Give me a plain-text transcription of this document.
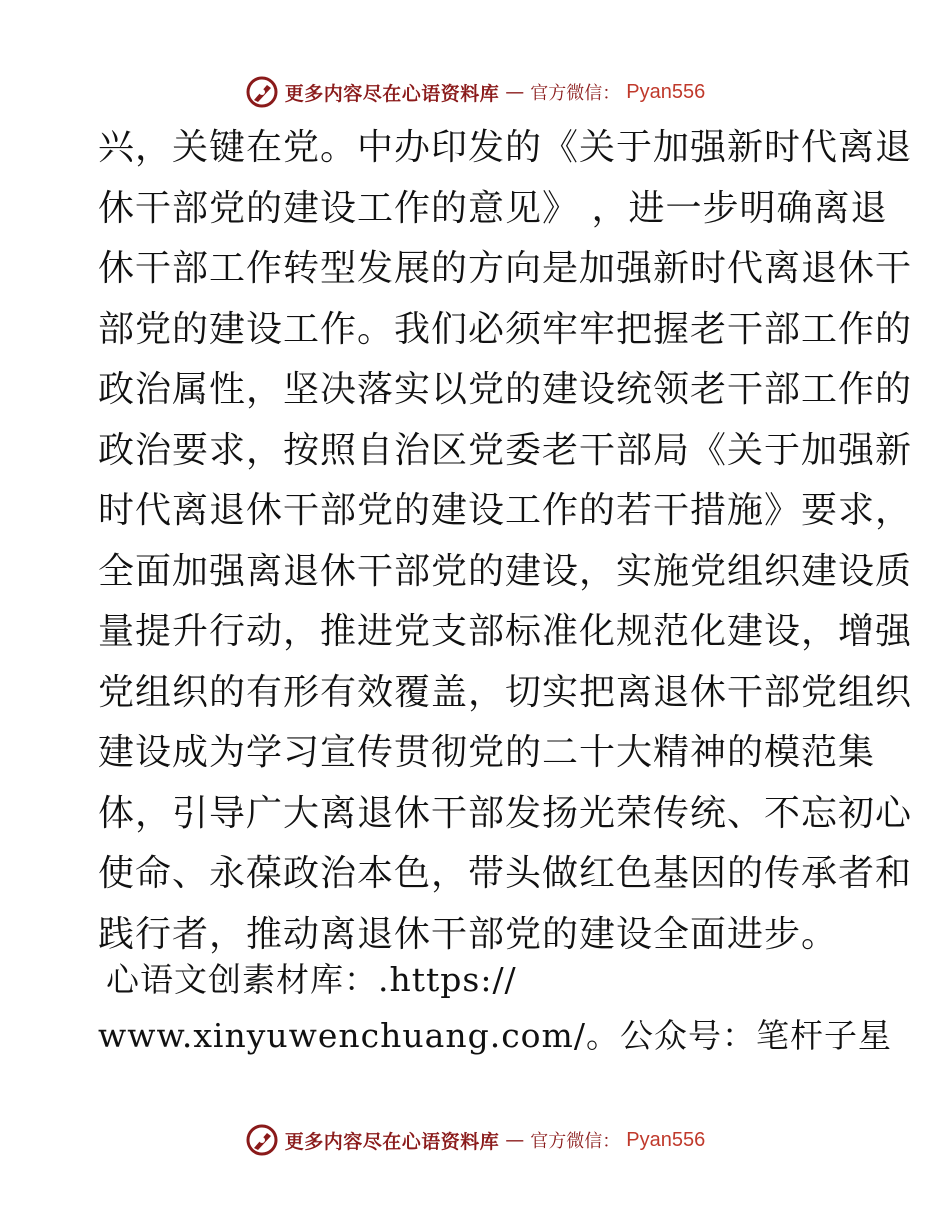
更多内容尽在心语资料库 — 官方微信： Pyan556
兴，关键在党。中办印发的《关于加强新时代离退
休干部党的建设工作的意见》 ，进一步明确离退
休干部工作转型发展的方向是加强新时代离退休干
部党的建设工作。我们必须牢牢把握老干部工作的
政治属性，坚决落实以党的建设统领老干部工作的
政治要求，按照自治区党委老干部局《关于加强新
时代离退休干部党的建设工作的若干措施》要求，
全面加强离退休干部党的建设，实施党组织建设质
量提升行动，推进党支部标准化规范化建设，增强
党组织的有形有效覆盖，切实把离退休干部党组织
建设成为学习宣传贯彻党的二十大精神的模范集
体，引导广大离退休干部发扬光荣传统、不忘初心
使命、永葆政治本色，带头做红色基因的传承者和
践行者，推动离退休干部党的建设全面进步。
心语文创素材库：.https://
www.xinyuwenchuang.com/。公众号：笔杆子星
更多内容尽在心语资料库 — 官方微信： Pyan556
